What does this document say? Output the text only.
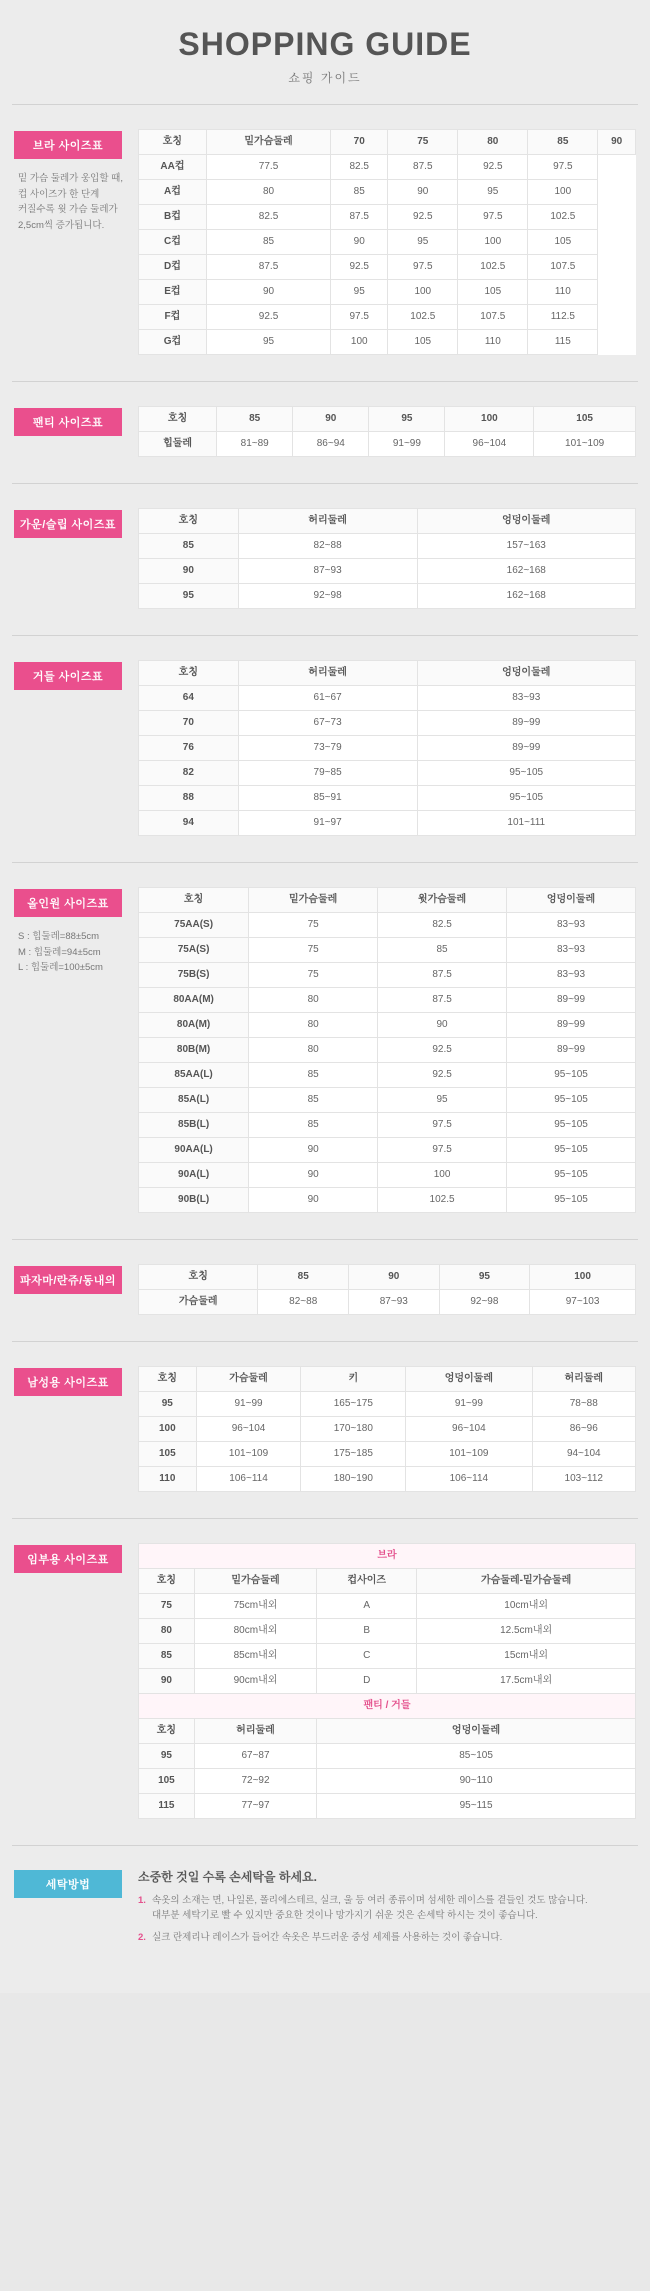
SHOPPING GUIDE
쇼핑 가이드
브라 사이즈표
밑 가슴 둘레가 웅입할 때,
컵 사이즈가 한 단계
커질수록 윗 가슴 둘레가
2,5cm씩 증가됩니다.
호칭	밑가슴둘레	70	75	80	85	90
AA컵	77.5	82.5	87.5	92.5	97.5	
A컵	80	85	90	95	100	
B컵	82.5	87.5	92.5	97.5	102.5	
C컵	85	90	95	100	105	
D컵	87.5	92.5	97.5	102.5	107.5	
E컵	90	95	100	105	110	
F컵	92.5	97.5	102.5	107.5	112.5	
G컵	95	100	105	110	115	
팬티 사이즈표	호칭	85	90	95	100	105
힙둘레	81~89	86~94	91~99	96~104	101~109
가운/슬립 사이즈표	호칭	허리둘레	엉덩이둘레
85	82~88	157~163
90	87~93	162~168
95	92~98	162~168
거들 사이즈표	호칭	허리둘레	엉덩이둘레
64	61~67	83~93
70	67~73	89~99
76	73~79	89~99
82	79~85	95~105
88	85~91	95~105
94	91~97	101~111
올인원 사이즈표
S : 힙둘레=88±5cm
M : 힙둘레=94±5cm
L : 힙둘레=100±5cm
호칭	밑가슴둘레	윗가슴둘레	엉덩이둘레
75AA(S)	75	82.5	83~93
75A(S)	75	85	83~93
75B(S)	75	87.5	83~93
80AA(M)	80	87.5	89~99
80A(M)	80	90	89~99
80B(M)	80	92.5	89~99
85AA(L)	85	92.5	95~105
85A(L)	85	95	95~105
85B(L)	85	97.5	95~105
90AA(L)	90	97.5	95~105
90A(L)	90	100	95~105
90B(L)	90	102.5	95~105
파자마/란쥬/동내의	호칭	85	90	95	100
가슴둘레	82~88	87~93	92~98	97~103
남성용 사이즈표	호칭	가슴둘레	키	엉덩이둘레	허리둘레
95	91~99	165~175	91~99	78~88
100	96~104	170~180	96~104	86~96
105	101~109	175~185	101~109	94~104
110	106~114	180~190	106~114	103~112
임부용 사이즈표	브라			
호칭	밑가슴둘레	컵사이즈	가슴둘레-밑가슴둘레
75	75cm내외	A	10cm내외
80	80cm내외	B	12.5cm내외
85	85cm내외	C	15cm내외
90	90cm내외	D	17.5cm내외
팬티 / 거들			
호칭	허리둘레	엉덩이둘레	
95	67~87	85~105	
105	72~92	90~110	
115	77~97	95~115	
세탁방법
소중한 것일 수록 손세탁을 하세요.
1. 속옷의 소재는 면, 나일론, 폴리에스테르, 실크, 울 등 여러 종류이며 섬세한 레이스를 곁들인 것도 많습니다.
대부분 세탁기로 빨 수 있지만 중요한 것이나 망가지기 쉬운 것은 손세탁 하시는 것이 좋습니다.
2. 실크 란제리나 레이스가 들어간 속옷은 부드러운 중성 세제를 사용하는 것이 좋습니다.
